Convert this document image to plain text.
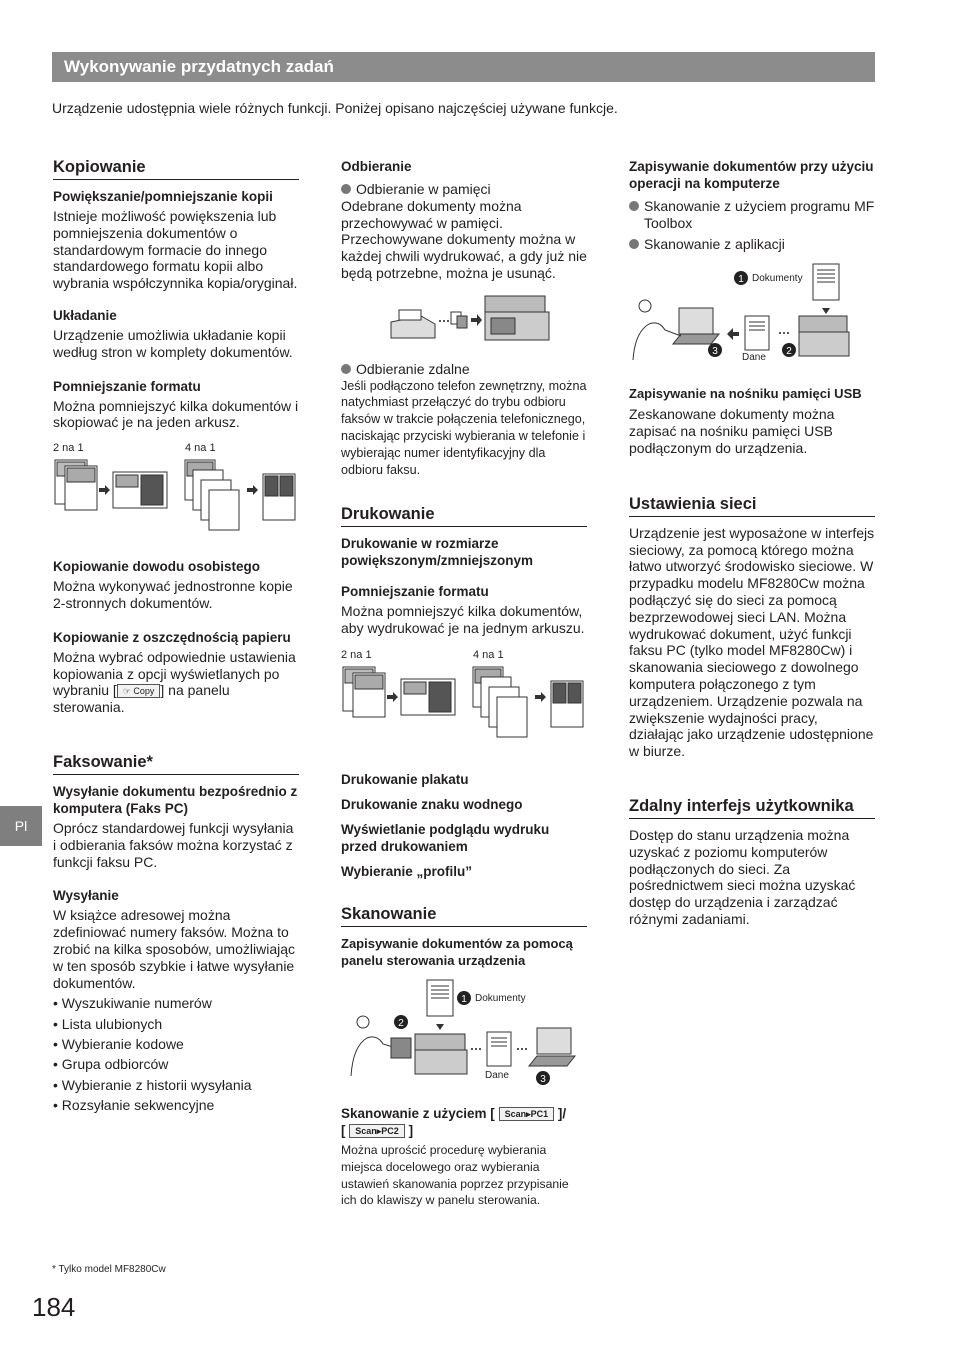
Wykonywanie przydatnych zadań
Urządzenie udostępnia wiele różnych funkcji. Poniżej opisano najczęściej używane funkcje.
Pl
Kopiowanie
Powiększanie/pomniejszanie kopii
Istnieje możliwość powiększenia lub pomniejszenia dokumentów o standardowym formacie do innego standardowego formatu kopii albo wybrania współczynnika kopia/oryginał.
Układanie
Urządzenie umożliwia układanie kopii według stron w komplety dokumentów.
Pomniejszanie formatu
Można pomniejszyć kilka dokumentów i skopiować je na jeden arkusz.
2 na 1	4 na 1
Kopiowanie dowodu osobistego
Można wykonywać jednostronne kopie 2-stronnych dokumentów.
Kopiowanie z oszczędnością papieru
Można wybrać odpowiednie ustawienia kopiowania z opcji wyświetlanych po wybraniu [ ☞ Copy ] na panelu sterowania.
Faksowanie*
Wysyłanie dokumentu bezpośrednio z komputera (Faks PC)
Oprócz standardowej funkcji wysyłania i odbierania faksów można korzystać z funkcji faksu PC.
Wysyłanie
W książce adresowej można zdefiniować numery faksów. Można to zrobić na kilka sposobów, umożliwiając w ten sposób szybkie i łatwe wysyłanie dokumentów.
• Wyszukiwanie numerów
• Lista ulubionych
• Wybieranie kodowe
• Grupa odbiorców
• Wybieranie z historii wysyłania
• Rozsyłanie sekwencyjne
Odbieranie
Odbieranie w pamięci
Odebrane dokumenty można przechowywać w pamięci. Przechowywane dokumenty można w każdej chwili wydrukować, a gdy już nie będą potrzebne, można je usunąć.
Odbieranie zdalne
Jeśli podłączono telefon zewnętrzny, można natychmiast przełączyć do trybu odbioru faksów w trakcie połączenia telefonicznego, naciskając przyciski wybierania w telefonie i wybierając numer identyfikacyjny dla odbioru faksu.
Drukowanie
Drukowanie w rozmiarze powiększonym/zmniejszonym
Pomniejszanie formatu
Można pomniejszyć kilka dokumentów, aby wydrukować je na jednym arkuszu.
2 na 1	4 na 1
Drukowanie plakatu
Drukowanie znaku wodnego
Wyświetlanie podglądu wydruku przed drukowaniem
Wybieranie „profilu”
Skanowanie
Zapisywanie dokumentów za pomocą panelu sterowania urządzenia
1 Dokumenty
2
Dane	3
Skanowanie z użyciem [ Scan▸PC1 ]/
[ Scan▸PC2 ]
Można uprościć procedurę wybierania miejsca docelowego oraz wybierania ustawień skanowania poprzez przypisanie ich do klawiszy w panelu sterowania.
Zapisywanie dokumentów przy użyciu operacji na komputerze
Skanowanie z użyciem programu MF Toolbox
Skanowanie z aplikacji
1 Dokumenty
2
Dane
3
Zapisywanie na nośniku pamięci USB
Zeskanowane dokumenty można zapisać na nośniku pamięci USB podłączonym do urządzenia.
Ustawienia sieci
Urządzenie jest wyposażone w interfejs sieciowy, za pomocą którego można łatwo utworzyć środowisko sieciowe. W przypadku modelu MF8280Cw można podłączyć się do sieci za pomocą bezprzewodowej sieci LAN. Można wydrukować dokument, użyć funkcji faksu PC (tylko model MF8280Cw) i skanowania sieciowego z dowolnego komputera połączonego z tym urządzeniem. Urządzenie pozwala na zwiększenie wydajności pracy, działając jako urządzenie udostępnione w biurze.
Zdalny interfejs użytkownika
Dostęp do stanu urządzenia można uzyskać z poziomu komputerów podłączonych do sieci. Za pośrednictwem sieci można uzyskać dostęp do urządzenia i zarządzać różnymi zadaniami.
* Tylko model MF8280Cw
184
